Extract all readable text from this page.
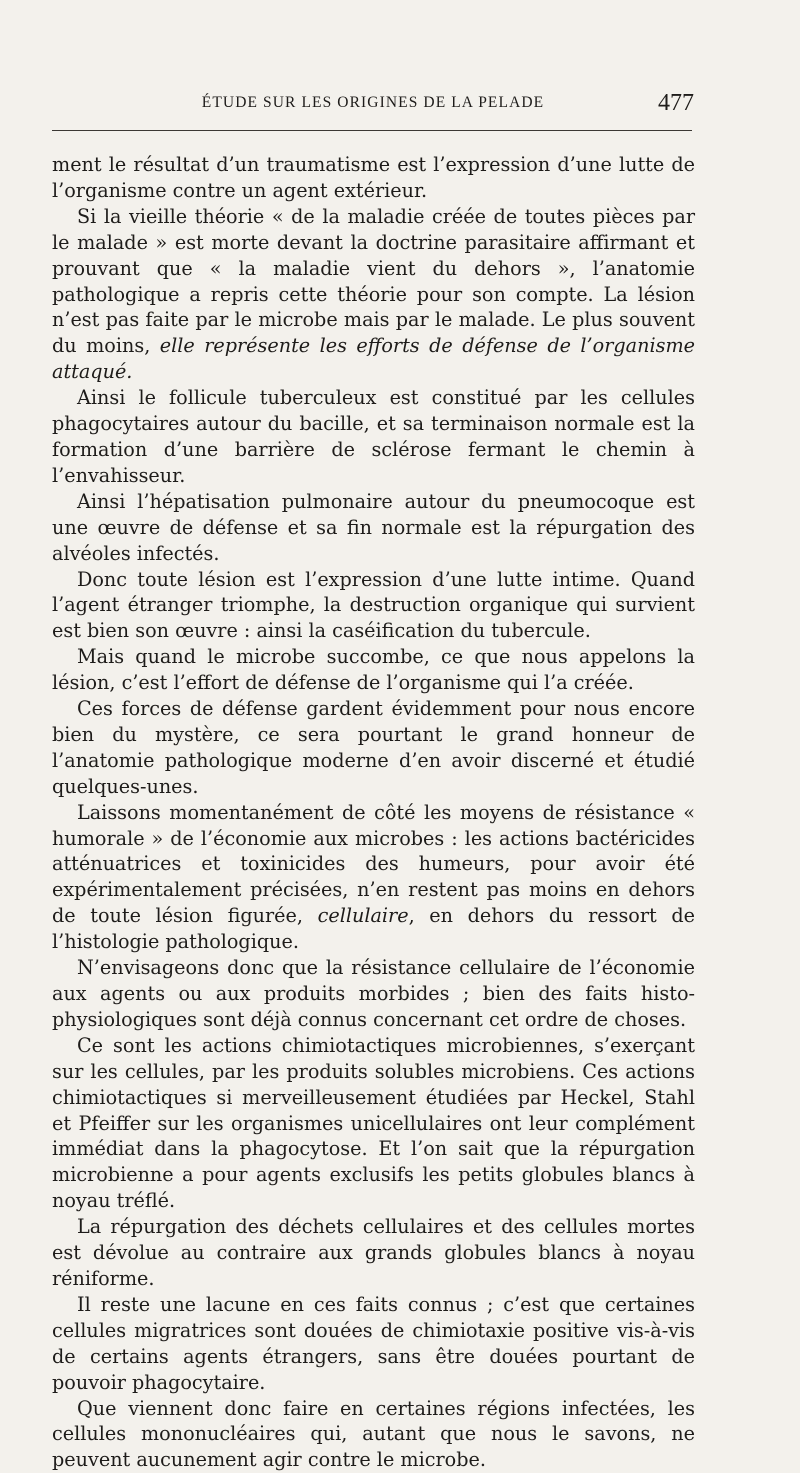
ÉTUDE SUR LES ORIGINES DE LA PELADE	477

ment le résultat d’un traumatisme est l’expression d’une lutte de l’organisme contre un agent extérieur.

Si la vieille théorie « de la maladie créée de toutes pièces par le malade » est morte devant la doctrine parasitaire affirmant et prouvant que « la maladie vient du dehors », l’anatomie pathologique a repris cette théorie pour son compte. La lésion n’est pas faite par le microbe mais par le malade. Le plus souvent du moins, elle représente les efforts de défense de l’organisme attaqué.

Ainsi le follicule tuberculeux est constitué par les cellules phagocytaires autour du bacille, et sa terminaison normale est la formation d’une barrière de sclérose fermant le chemin à l’envahisseur.

Ainsi l’hépatisation pulmonaire autour du pneumocoque est une œuvre de défense et sa fin normale est la répurgation des alvéoles infectés.

Donc toute lésion est l’expression d’une lutte intime. Quand l’agent étranger triomphe, la destruction organique qui survient est bien son œuvre : ainsi la caséification du tubercule.

Mais quand le microbe succombe, ce que nous appelons la lésion, c’est l’effort de défense de l’organisme qui l’a créée.

Ces forces de défense gardent évidemment pour nous encore bien du mystère, ce sera pourtant le grand honneur de l’anatomie pathologique moderne d’en avoir discerné et étudié quelques-unes.

Laissons momentanément de côté les moyens de résistance « humorale » de l’économie aux microbes : les actions bactéricides atténuatrices et toxinicides des humeurs, pour avoir été expérimentalement précisées, n’en restent pas moins en dehors de toute lésion figurée, cellulaire, en dehors du ressort de l’histologie pathologique.

N’envisageons donc que la résistance cellulaire de l’économie aux agents ou aux produits morbides ; bien des faits histo-physiologiques sont déjà connus concernant cet ordre de choses.

Ce sont les actions chimiotactiques microbiennes, s’exerçant sur les cellules, par les produits solubles microbiens. Ces actions chimiotactiques si merveilleusement étudiées par Heckel, Stahl et Pfeiffer sur les organismes unicellulaires ont leur complément immédiat dans la phagocytose. Et l’on sait que la répurgation microbienne a pour agents exclusifs les petits globules blancs à noyau tréflé.

La répurgation des déchets cellulaires et des cellules mortes est dévolue au contraire aux grands globules blancs à noyau réniforme.

Il reste une lacune en ces faits connus ; c’est que certaines cellules migratrices sont douées de chimiotaxie positive vis-à-vis de certains agents étrangers, sans être douées pourtant de pouvoir phagocytaire.

Que viennent donc faire en certaines régions infectées, les cellules mononucléaires qui, autant que nous le savons, ne peuvent aucunement agir contre le microbe.
